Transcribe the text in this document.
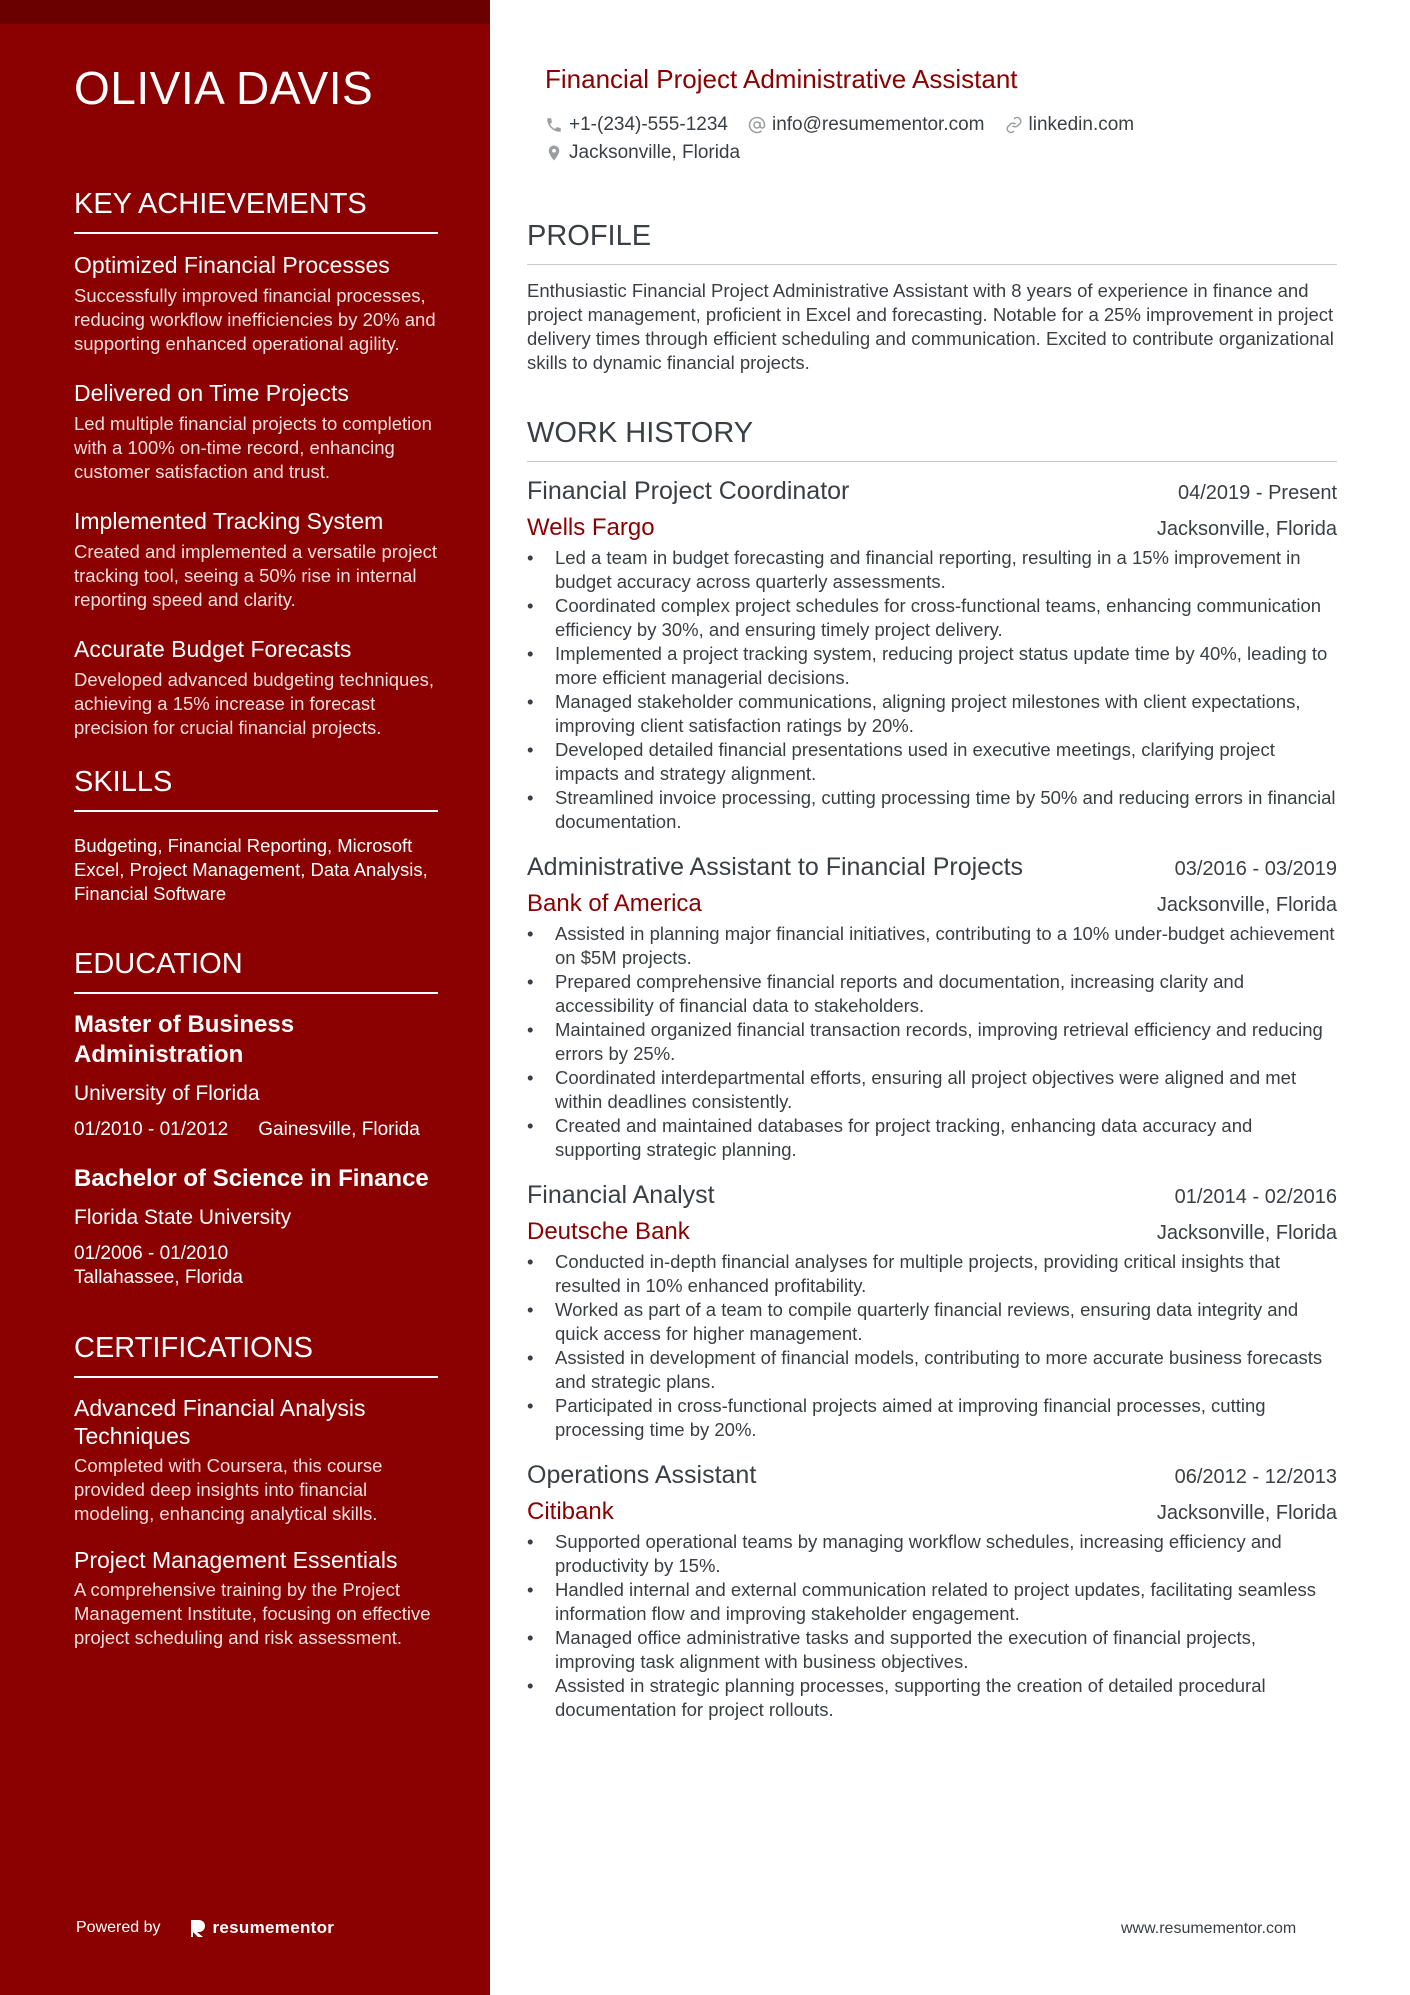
OLIVIA DAVIS
KEY ACHIEVEMENTS
Optimized Financial Processes
Successfully improved financial processes, reducing workflow inefficiencies by 20% and supporting enhanced operational agility.
Delivered on Time Projects
Led multiple financial projects to completion with a 100% on-time record, enhancing customer satisfaction and trust.
Implemented Tracking System
Created and implemented a versatile project tracking tool, seeing a 50% rise in internal reporting speed and clarity.
Accurate Budget Forecasts
Developed advanced budgeting techniques, achieving a 15% increase in forecast precision for crucial financial projects.
SKILLS
Budgeting, Financial Reporting, Microsoft Excel, Project Management, Data Analysis, Financial Software
EDUCATION
Master of Business Administration
University of Florida
01/2010 - 01/2012 Gainesville, Florida
Bachelor of Science in Finance
Florida State University
01/2006 - 01/2010
Tallahassee, Florida
CERTIFICATIONS
Advanced Financial Analysis Techniques
Completed with Coursera, this course provided deep insights into financial modeling, enhancing analytical skills.
Project Management Essentials
A comprehensive training by the Project Management Institute, focusing on effective project scheduling and risk assessment.
Powered by	resumementor
Financial Project Administrative Assistant
+1-(234)-555-1234 info@resumementor.com linkedin.com
Jacksonville, Florida
PROFILE
Enthusiastic Financial Project Administrative Assistant with 8 years of experience in finance and project management, proficient in Excel and forecasting. Notable for a 25% improvement in project delivery times through efficient scheduling and communication. Excited to contribute organizational skills to dynamic financial projects.
WORK HISTORY
Financial Project Coordinator	04/2019 - Present
Wells Fargo	Jacksonville, Florida
• Led a team in budget forecasting and financial reporting, resulting in a 15% improvement in budget accuracy across quarterly assessments.
• Coordinated complex project schedules for cross-functional teams, enhancing communication efficiency by 30%, and ensuring timely project delivery.
• Implemented a project tracking system, reducing project status update time by 40%, leading to more efficient managerial decisions.
• Managed stakeholder communications, aligning project milestones with client expectations, improving client satisfaction ratings by 20%.
• Developed detailed financial presentations used in executive meetings, clarifying project impacts and strategy alignment.
• Streamlined invoice processing, cutting processing time by 50% and reducing errors in financial documentation.
Administrative Assistant to Financial Projects	03/2016 - 03/2019
Bank of America	Jacksonville, Florida
• Assisted in planning major financial initiatives, contributing to a 10% under-budget achievement on $5M projects.
• Prepared comprehensive financial reports and documentation, increasing clarity and accessibility of financial data to stakeholders.
• Maintained organized financial transaction records, improving retrieval efficiency and reducing errors by 25%.
• Coordinated interdepartmental efforts, ensuring all project objectives were aligned and met within deadlines consistently.
• Created and maintained databases for project tracking, enhancing data accuracy and supporting strategic planning.
Financial Analyst	01/2014 - 02/2016
Deutsche Bank	Jacksonville, Florida
• Conducted in-depth financial analyses for multiple projects, providing critical insights that resulted in 10% enhanced profitability.
• Worked as part of a team to compile quarterly financial reviews, ensuring data integrity and quick access for higher management.
• Assisted in development of financial models, contributing to more accurate business forecasts and strategic plans.
• Participated in cross-functional projects aimed at improving financial processes, cutting processing time by 20%.
Operations Assistant	06/2012 - 12/2013
Citibank	Jacksonville, Florida
• Supported operational teams by managing workflow schedules, increasing efficiency and productivity by 15%.
• Handled internal and external communication related to project updates, facilitating seamless information flow and improving stakeholder engagement.
• Managed office administrative tasks and supported the execution of financial projects, improving task alignment with business objectives.
• Assisted in strategic planning processes, supporting the creation of detailed procedural documentation for project rollouts.
www.resumementor.com
